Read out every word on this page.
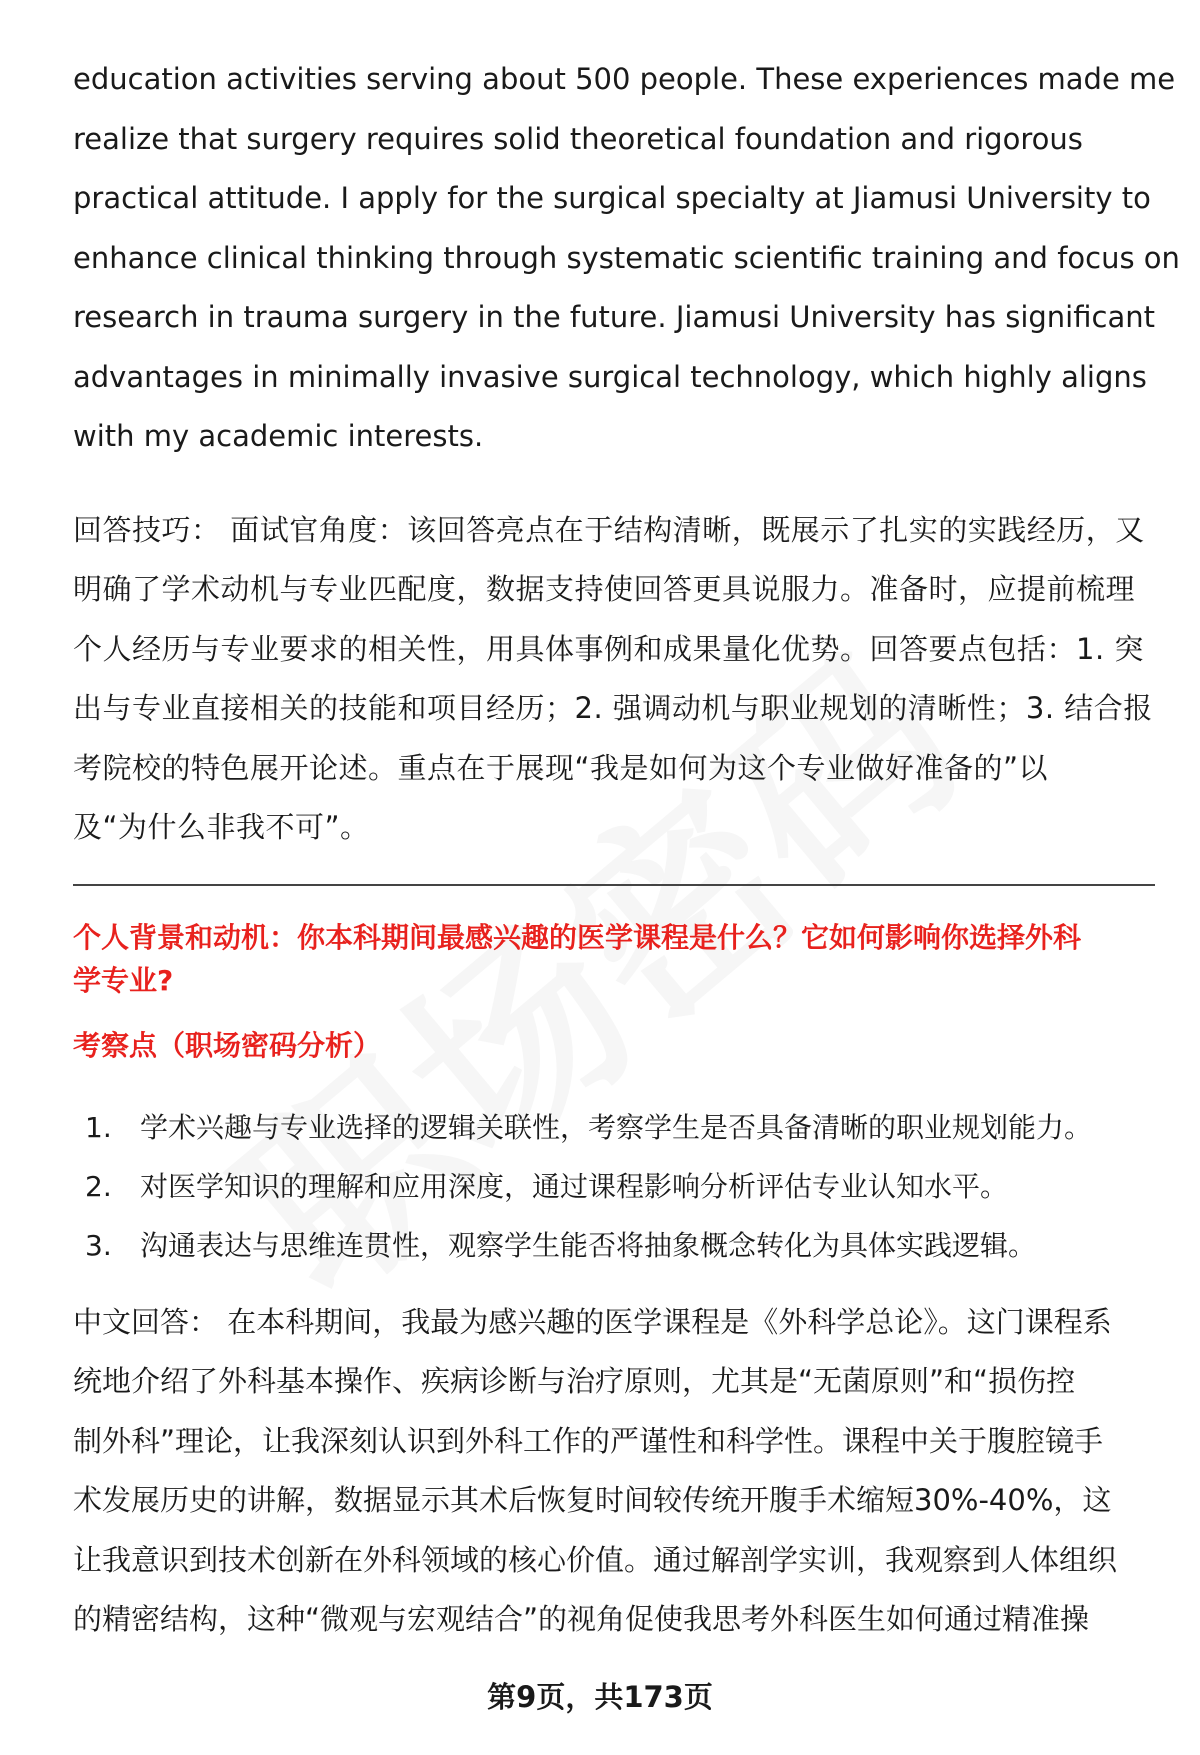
education activities serving about 500 people. These experiences made me
realize that surgery requires solid theoretical foundation and rigorous
practical attitude. I apply for the surgical specialty at Jiamusi University to
enhance clinical thinking through systematic scientific training and focus on
research in trauma surgery in the future. Jiamusi University has significant
advantages in minimally invasive surgical technology, which highly aligns
with my academic interests.
回答技巧： 面试官角度：该回答亮点在于结构清晰，既展示了扎实的实践经历，又
明确了学术动机与专业匹配度，数据支持使回答更具说服力。准备时，应提前梳理
个人经历与专业要求的相关性，用具体事例和成果量化优势。回答要点包括：1. 突
出与专业直接相关的技能和项目经历；2. 强调动机与职业规划的清晰性；3. 结合报
考院校的特色展开论述。重点在于展现“我是如何为这个专业做好准备的”以
及“为什么非我不可”。
个人背景和动机：你本科期间最感兴趣的医学课程是什么？它如何影响你选择外科
学专业?
考察点（职场密码分析）
1.	学术兴趣与专业选择的逻辑关联性，考察学生是否具备清晰的职业规划能力。
2.	对医学知识的理解和应用深度，通过课程影响分析评估专业认知水平。
3.	沟通表达与思维连贯性，观察学生能否将抽象概念转化为具体实践逻辑。
中文回答： 在本科期间，我最为感兴趣的医学课程是《外科学总论》。这门课程系
统地介绍了外科基本操作、疾病诊断与治疗原则，尤其是“无菌原则”和“损伤控
制外科”理论，让我深刻认识到外科工作的严谨性和科学性。课程中关于腹腔镜手
术发展历史的讲解，数据显示其术后恢复时间较传统开腹手术缩短30%-40%，这
让我意识到技术创新在外科领域的核心价值。通过解剖学实训，我观察到人体组织
的精密结构，这种“微观与宏观结合”的视角促使我思考外科医生如何通过精准操
第9页，共173页
